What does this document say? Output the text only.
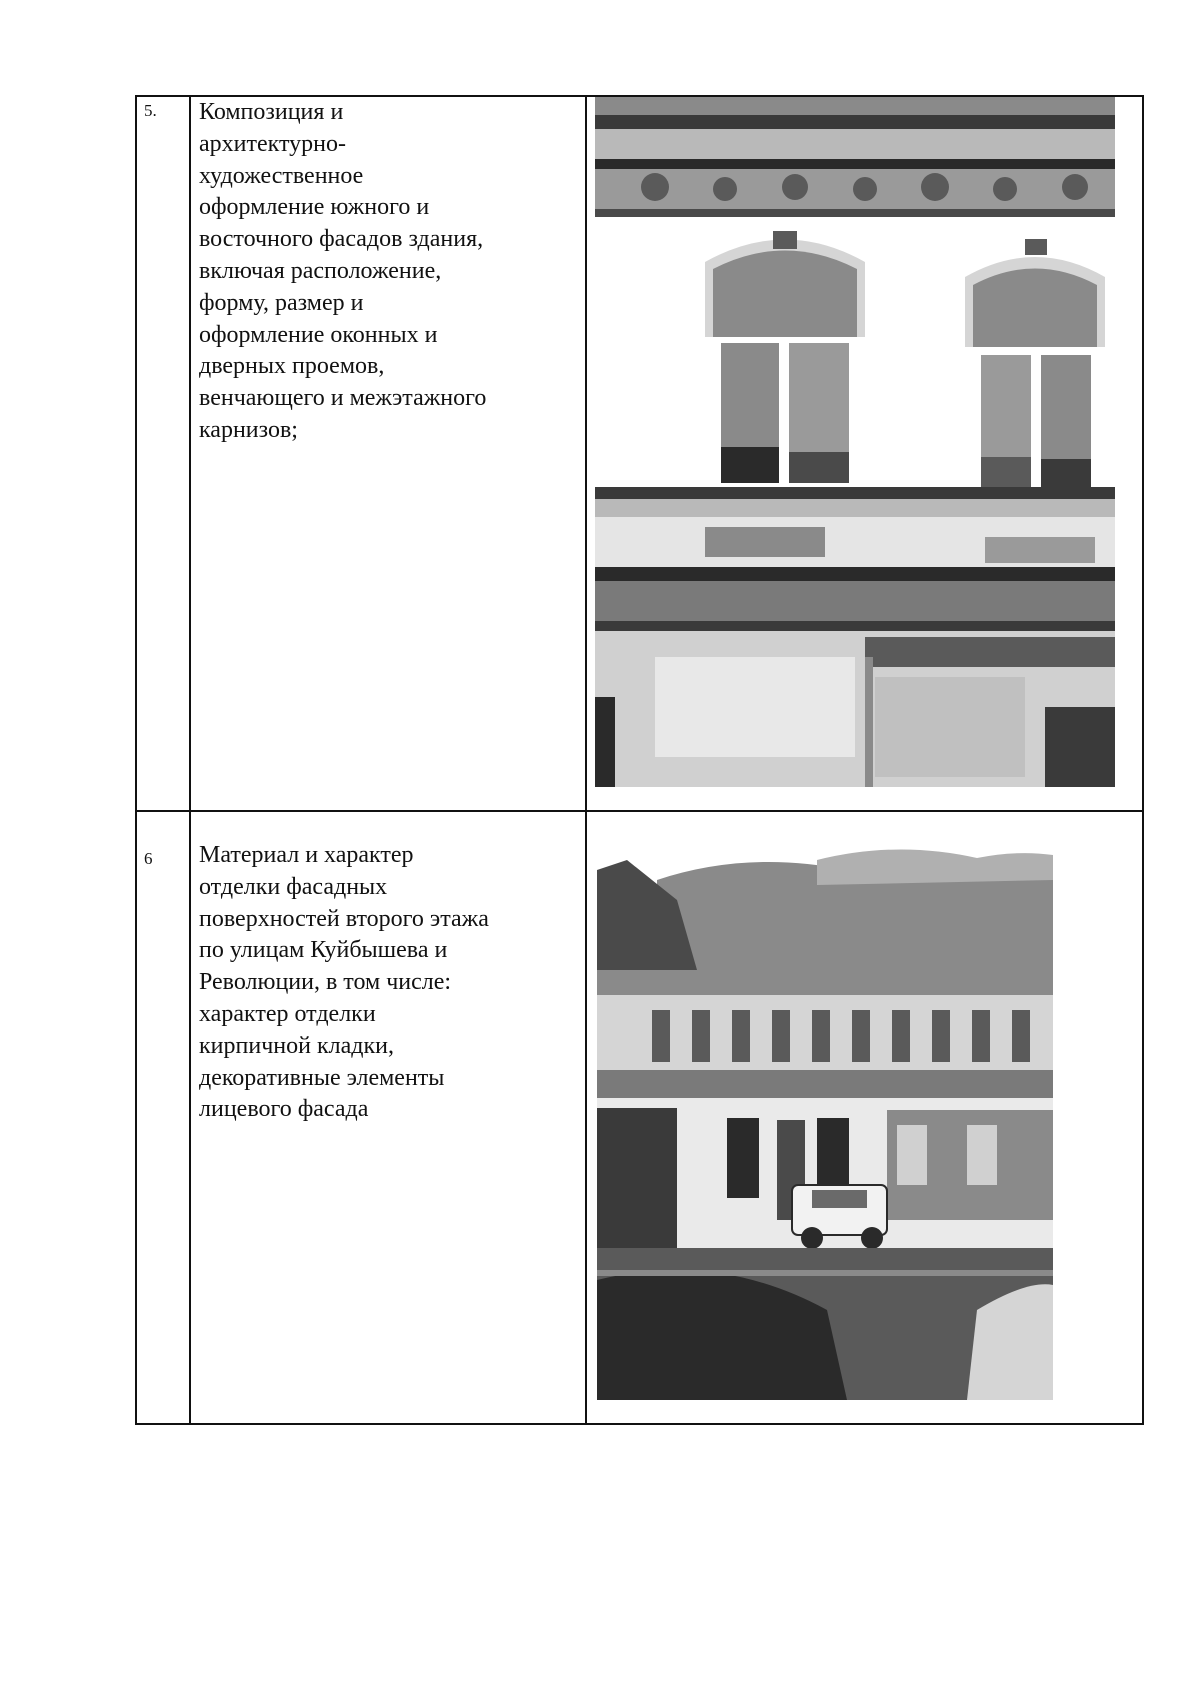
5. Композиция и
архитектурно-
художественное
оформление южного и
восточного фасадов здания,
включая расположение,
форму, размер и
оформление оконных и
дверных проемов,
венчающего и межэтажного
карнизов;
6 Материал и характер
отделки фасадных
поверхностей второго этажа
по улицам Куйбышева и
Революции, в том числе:
характер отделки
кирпичной кладки,
декоративные элементы
лицевого фасада
